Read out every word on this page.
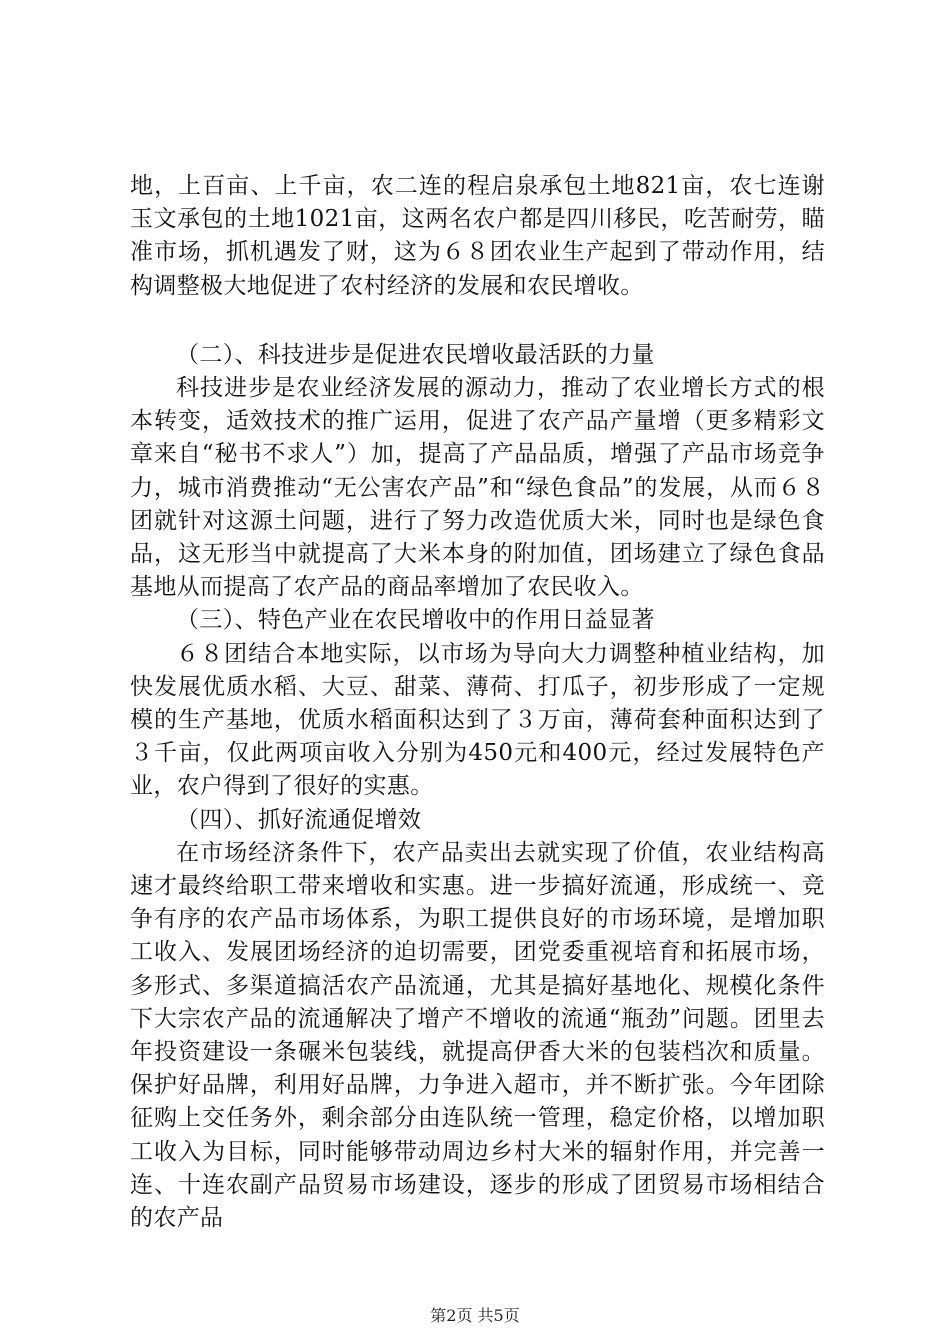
地，上百亩、上千亩，农二连的程启泉承包土地821亩，农七连谢玉文承包的土地1021亩，这两名农户都是四川移民，吃苦耐劳，瞄准市场，抓机遇发了财，这为６８团农业生产起到了带动作用，结构调整极大地促进了农村经济的发展和农民增收。

（二）、科技进步是促进农民增收最活跃的力量

科技进步是农业经济发展的源动力，推动了农业增长方式的根本转变，适效技术的推广运用，促进了农产品产量增（更多精彩文章来自“秘书不求人”）加，提高了产品品质，增强了产品市场竞争力，城市消费推动“无公害农产品”和“绿色食品”的发展，从而６８团就针对这源土问题，进行了努力改造优质大米，同时也是绿色食品，这无形当中就提高了大米本身的附加值，团场建立了绿色食品基地从而提高了农产品的商品率增加了农民收入。

（三）、特色产业在农民增收中的作用日益显著

６８团结合本地实际，以市场为导向大力调整种植业结构，加快发展优质水稻、大豆、甜菜、薄荷、打瓜子，初步形成了一定规模的生产基地，优质水稻面积达到了３万亩，薄荷套种面积达到了３千亩，仅此两项亩收入分别为450元和400元，经过发展特色产业，农户得到了很好的实惠。

（四）、抓好流通促增效

在市场经济条件下，农产品卖出去就实现了价值，农业结构高速才最终给职工带来增收和实惠。进一步搞好流通，形成统一、竞争有序的农产品市场体系，为职工提供良好的市场环境，是增加职工收入、发展团场经济的迫切需要，团党委重视培育和拓展市场，多形式、多渠道搞活农产品流通，尤其是搞好基地化、规模化条件下大宗农产品的流通解决了增产不增收的流通“瓶劲”问题。团里去年投资建设一条碾米包装线，就提高伊香大米的包装档次和质量。保护好品牌，利用好品牌，力争进入超市，并不断扩张。今年团除征购上交任务外，剩余部分由连队统一管理，稳定价格，以增加职工收入为目标，同时能够带动周边乡村大米的辐射作用，并完善一连、十连农副产品贸易市场建设，逐步的形成了团贸易市场相结合的农产品

第2页 共5页
